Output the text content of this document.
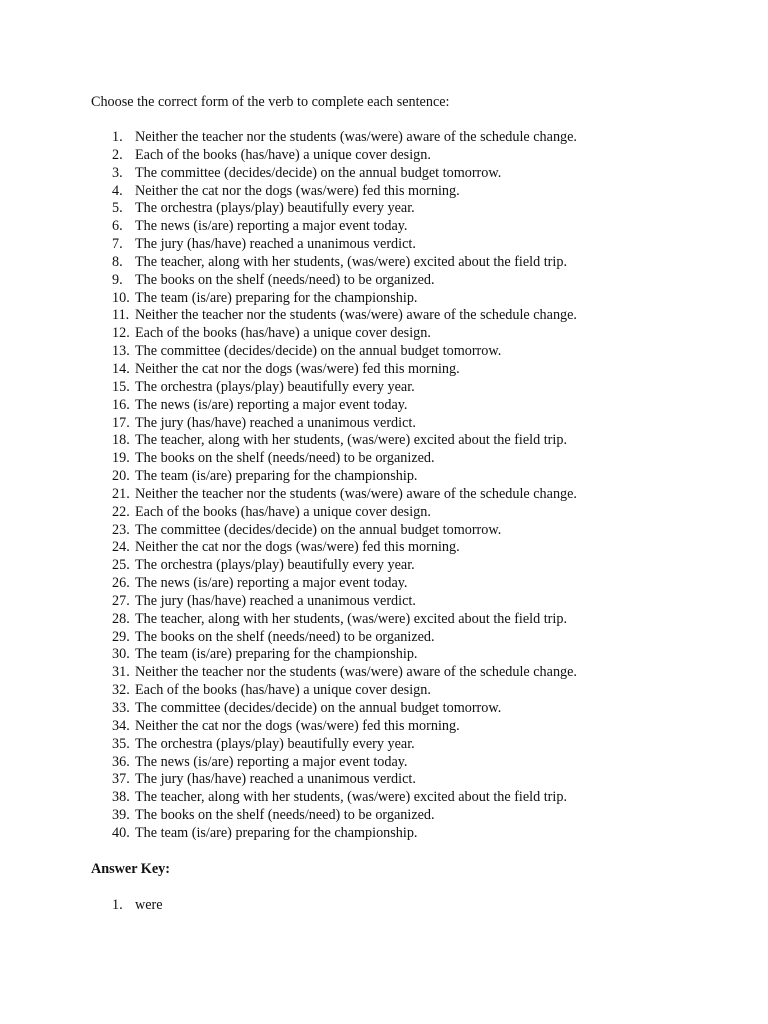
Choose the correct form of the verb to complete each sentence:
1. Neither the teacher nor the students (was/were) aware of the schedule change.
2. Each of the books (has/have) a unique cover design.
3. The committee (decides/decide) on the annual budget tomorrow.
4. Neither the cat nor the dogs (was/were) fed this morning.
5. The orchestra (plays/play) beautifully every year.
6. The news (is/are) reporting a major event today.
7. The jury (has/have) reached a unanimous verdict.
8. The teacher, along with her students, (was/were) excited about the field trip.
9. The books on the shelf (needs/need) to be organized.
10. The team (is/are) preparing for the championship.
11. Neither the teacher nor the students (was/were) aware of the schedule change.
12. Each of the books (has/have) a unique cover design.
13. The committee (decides/decide) on the annual budget tomorrow.
14. Neither the cat nor the dogs (was/were) fed this morning.
15. The orchestra (plays/play) beautifully every year.
16. The news (is/are) reporting a major event today.
17. The jury (has/have) reached a unanimous verdict.
18. The teacher, along with her students, (was/were) excited about the field trip.
19. The books on the shelf (needs/need) to be organized.
20. The team (is/are) preparing for the championship.
21. Neither the teacher nor the students (was/were) aware of the schedule change.
22. Each of the books (has/have) a unique cover design.
23. The committee (decides/decide) on the annual budget tomorrow.
24. Neither the cat nor the dogs (was/were) fed this morning.
25. The orchestra (plays/play) beautifully every year.
26. The news (is/are) reporting a major event today.
27. The jury (has/have) reached a unanimous verdict.
28. The teacher, along with her students, (was/were) excited about the field trip.
29. The books on the shelf (needs/need) to be organized.
30. The team (is/are) preparing for the championship.
31. Neither the teacher nor the students (was/were) aware of the schedule change.
32. Each of the books (has/have) a unique cover design.
33. The committee (decides/decide) on the annual budget tomorrow.
34. Neither the cat nor the dogs (was/were) fed this morning.
35. The orchestra (plays/play) beautifully every year.
36. The news (is/are) reporting a major event today.
37. The jury (has/have) reached a unanimous verdict.
38. The teacher, along with her students, (was/were) excited about the field trip.
39. The books on the shelf (needs/need) to be organized.
40. The team (is/are) preparing for the championship.
Answer Key:
1. were
